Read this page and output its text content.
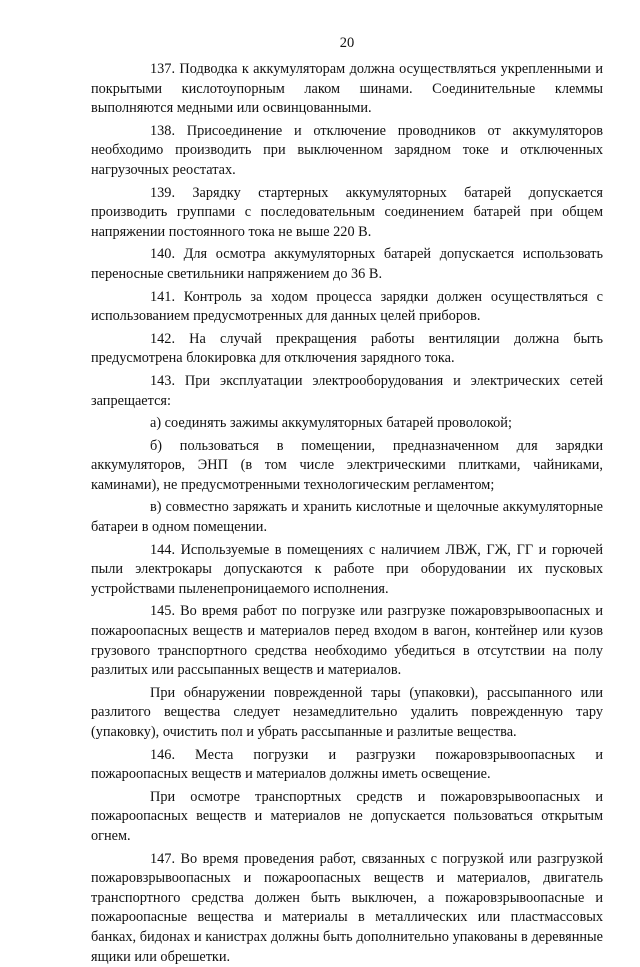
20

137. Подводка к аккумуляторам должна осуществляться укрепленными и покрытыми кислотоупорным лаком шинами. Соединительные клеммы выполняются медными или освинцованными.

138. Присоединение и отключение проводников от аккумуляторов необходимо производить при выключенном зарядном токе и отключенных нагрузочных реостатах.

139. Зарядку стартерных аккумуляторных батарей допускается производить группами с последовательным соединением батарей при общем напряжении постоянного тока не выше 220 В.

140. Для осмотра аккумуляторных батарей допускается использовать переносные светильники напряжением до 36 В.

141. Контроль за ходом процесса зарядки должен осуществляться с использованием предусмотренных для данных целей приборов.

142. На случай прекращения работы вентиляции должна быть предусмотрена блокировка для отключения зарядного тока.

143. При эксплуатации электрооборудования и электрических сетей запрещается:

а) соединять зажимы аккумуляторных батарей проволокой;

б) пользоваться в помещении, предназначенном для зарядки аккумуляторов, ЭНП (в том числе электрическими плитками, чайниками, каминами), не предусмотренными технологическим регламентом;

в) совместно заряжать и хранить кислотные и щелочные аккумуляторные батареи в одном помещении.

144. Используемые в помещениях с наличием ЛВЖ, ГЖ, ГГ и горючей пыли электрокары допускаются к работе при оборудовании их пусковых устройствами пыленепроницаемого исполнения.

145. Во время работ по погрузке или разгрузке пожаровзрывоопасных и пожароопасных веществ и материалов перед входом в вагон, контейнер или кузов грузового транспортного средства необходимо убедиться в отсутствии на полу разлитых или рассыпанных веществ и материалов.

При обнаружении поврежденной тары (упаковки), рассыпанного или разлитого вещества следует незамедлительно удалить поврежденную тару (упаковку), очистить пол и убрать рассыпанные и разлитые вещества.

146. Места погрузки и разгрузки пожаровзрывоопасных и пожароопасных веществ и материалов должны иметь освещение.

При осмотре транспортных средств и пожаровзрывоопасных и пожароопасных веществ и материалов не допускается пользоваться открытым огнем.

147. Во время проведения работ, связанных с погрузкой или разгрузкой пожаровзрывоопасных и пожароопасных веществ и материалов, двигатель транспортного средства должен быть выключен, а пожаровзрывоопасные и пожароопасные вещества и материалы в металлических или пластмассовых банках, бидонах и канистрах должны быть дополнительно упакованы в деревянные ящики или обрешетки.
